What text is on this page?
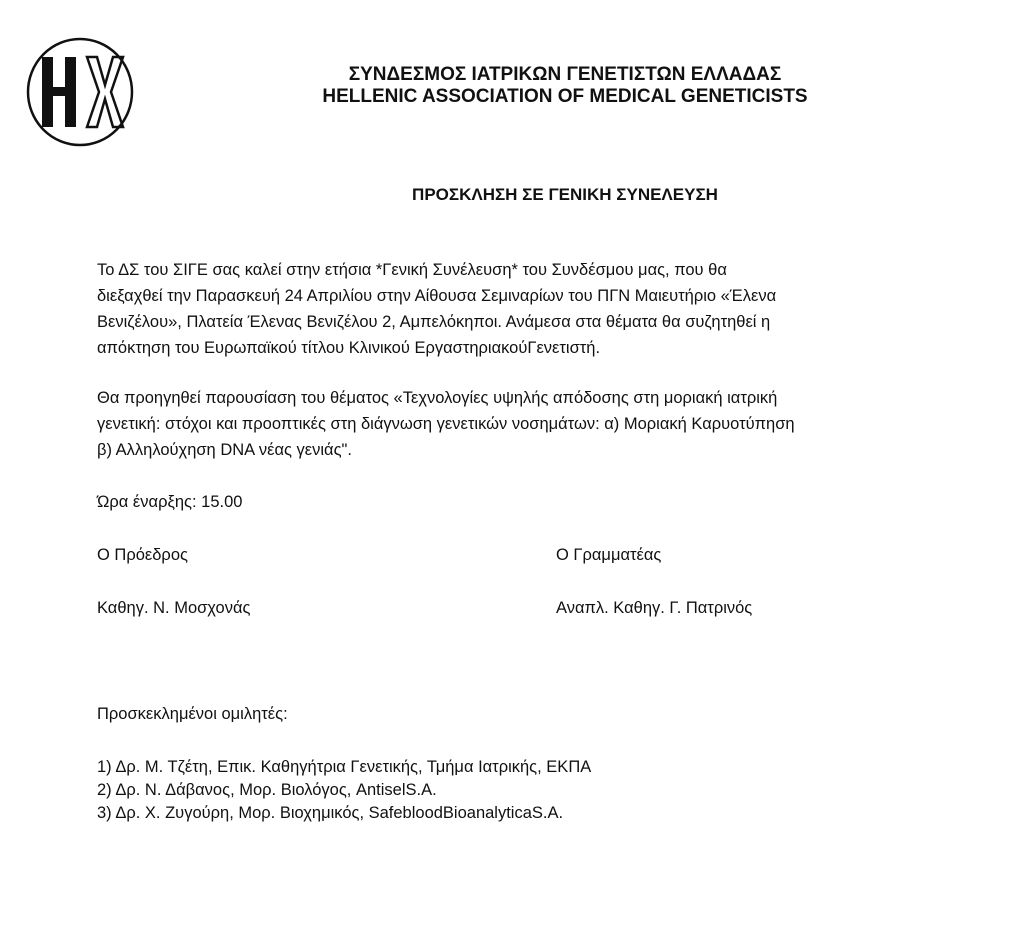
ΣΥΝΔΕΣΜΟΣ ΙΑΤΡΙΚΩΝ ΓΕΝΕΤΙΣΤΩΝ ΕΛΛΑΔΑΣ
HELLENIC ASSOCIATION OF MEDICAL GENETICISTS
ΠΡΟΣΚΛΗΣΗ ΣΕ ΓΕΝΙΚΗ ΣΥΝΕΛΕΥΣΗ

Το ΔΣ του ΣΙΓΕ σας καλεί στην ετήσια *Γενική Συνέλευση* του Συνδέσμου μας, που θα
διεξαχθεί την Παρασκευή 24 Απριλίου στην Αίθουσα Σεμιναρίων του ΠΓΝ Μαιευτήριο «Έλενα
Βενιζέλου», Πλατεία Έλενας Βενιζέλου 2, Αμπελόκηποι. Ανάμεσα στα θέματα θα συζητηθεί η
απόκτηση του Ευρωπαϊκού τίτλου Κλινικού ΕργαστηριακούΓενετιστή.

Θα προηγηθεί παρουσίαση του θέματος «Τεχνολογίες υψηλής απόδοσης στη μοριακή ιατρική
γενετική: στόχοι και προοπτικές στη διάγνωση γενετικών νοσημάτων: α) Μοριακή Καρυοτύπηση
β) Αλληλούχηση DNA νέας γενιάς".

Ώρα έναρξης: 15.00
Ο Πρόεδρος	Ο Γραμματέας
Καθηγ. Ν. Μοσχονάς	Αναπλ. Καθηγ. Γ. Πατρινός
Προσκεκλημένοι ομιλητές:
1) Δρ. Μ. Τζέτη, Επικ. Καθηγήτρια Γενετικής, Τμήμα Ιατρικής, ΕΚΠΑ
2) Δρ. Ν. Δάβανος, Μορ. Βιολόγος, AntiselS.A.
3) Δρ. Χ. Ζυγούρη, Μορ. Βιοχημικός, SafebloodBioanalyticaS.A.
